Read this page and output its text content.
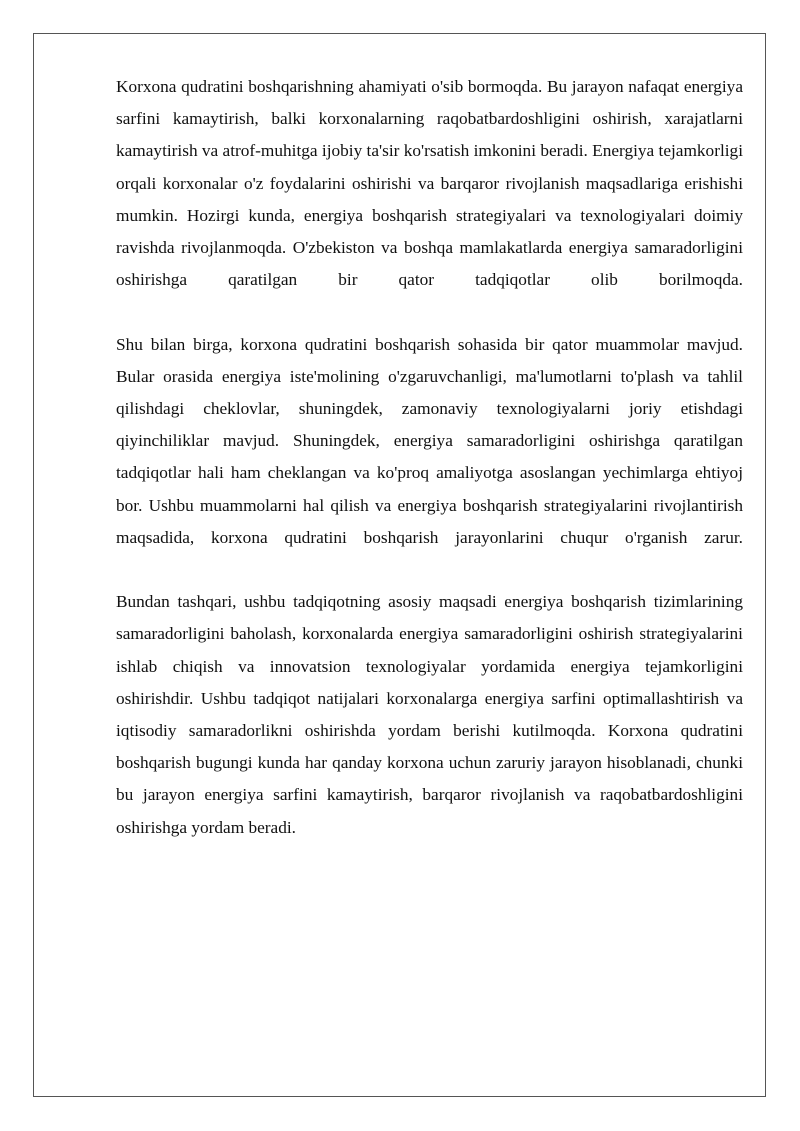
Korxona qudratini boshqarishning ahamiyati o'sib bormoqda. Bu jarayon nafaqat energiya sarfini kamaytirish, balki korxonalarning raqobatbardoshligini oshirish, xarajatlarni kamaytirish va atrof-muhitga ijobiy ta'sir ko'rsatish imkonini beradi. Energiya tejamkorligi orqali korxonalar o'z foydalarini oshirishi va barqaror rivojlanish maqsadlariga erishishi mumkin. Hozirgi kunda, energiya boshqarish strategiyalari va texnologiyalari doimiy ravishda rivojlanmoqda. O'zbekiston va boshqa mamlakatlarda energiya samaradorligini oshirishga qaratilgan bir qator tadqiqotlar olib borilmoqda.

Shu bilan birga, korxona qudratini boshqarish sohasida bir qator muammolar mavjud. Bular orasida energiya iste'molining o'zgaruvchanligi, ma'lumotlarni to'plash va tahlil qilishdagi cheklovlar, shuningdek, zamonaviy texnologiyalarni joriy etishdagi qiyinchiliklar mavjud. Shuningdek, energiya samaradorligini oshirishga qaratilgan tadqiqotlar hali ham cheklangan va ko'proq amaliyotga asoslangan yechimlarga ehtiyoj bor. Ushbu muammolarni hal qilish va energiya boshqarish strategiyalarini rivojlantirish maqsadida, korxona qudratini boshqarish jarayonlarini chuqur o'rganish zarur.

Bundan tashqari, ushbu tadqiqotning asosiy maqsadi energiya boshqarish tizimlarining samaradorligini baholash, korxonalarda energiya samaradorligini oshirish strategiyalarini ishlab chiqish va innovatsion texnologiyalar yordamida energiya tejamkorligini oshirishdir. Ushbu tadqiqot natijalari korxonalarga energiya sarfini optimallashtirish va iqtisodiy samaradorlikni oshirishda yordam berishi kutilmoqda. Korxona qudratini boshqarish bugungi kunda har qanday korxona uchun zaruriy jarayon hisoblanadi, chunki bu jarayon energiya sarfini kamaytirish, barqaror rivojlanish va raqobatbardoshligini oshirishga yordam beradi.
